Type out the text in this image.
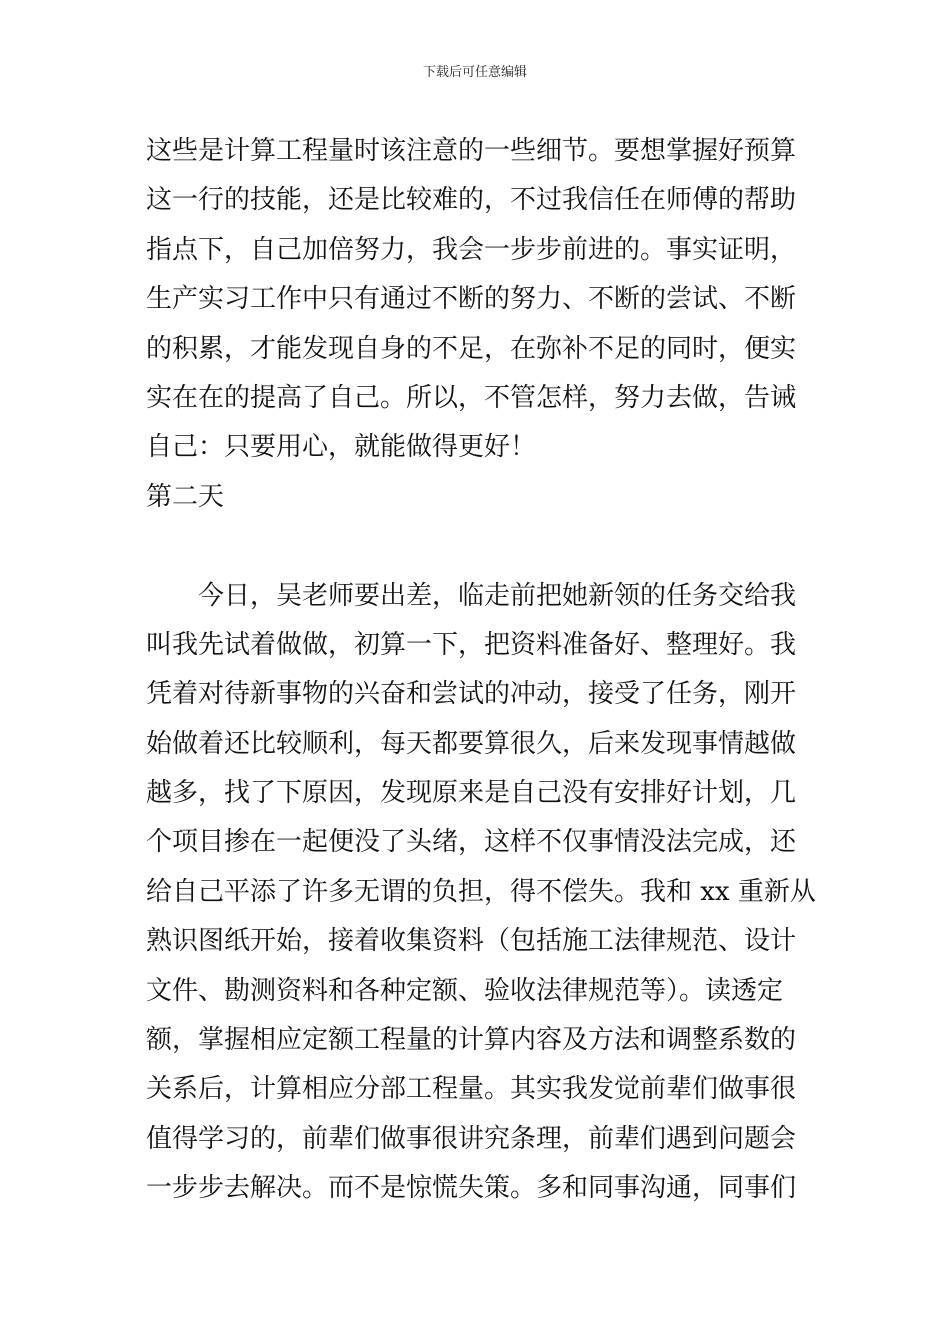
下载后可任意编辑
这些是计算工程量时该注意的一些细节。要想掌握好预算
这一行的技能，还是比较难的，不过我信任在师傅的帮助
指点下，自己加倍努力，我会一步步前进的。事实证明，
生产实习工作中只有通过不断的努力、不断的尝试、不断
的积累，才能发现自身的不足，在弥补不足的同时，便实
实在在的提高了自己。所以，不管怎样，努力去做，告诫
自己：只要用心，就能做得更好！
第二天
今日，吴老师要出差，临走前把她新领的任务交给我
叫我先试着做做，初算一下，把资料准备好、整理好。我
凭着对待新事物的兴奋和尝试的冲动，接受了任务，刚开
始做着还比较顺利，每天都要算很久，后来发现事情越做
越多，找了下原因，发现原来是自己没有安排好计划，几
个项目掺在一起便没了头绪，这样不仅事情没法完成，还
给自己平添了许多无谓的负担，得不偿失。我和 xx 重新从
熟识图纸开始，接着收集资料（包括施工法律规范、设计
文件、勘测资料和各种定额、验收法律规范等）。读透定
额，掌握相应定额工程量的计算内容及方法和调整系数的
关系后，计算相应分部工程量。其实我发觉前辈们做事很
值得学习的，前辈们做事很讲究条理，前辈们遇到问题会
一步步去解决。而不是惊慌失策。多和同事沟通，同事们
